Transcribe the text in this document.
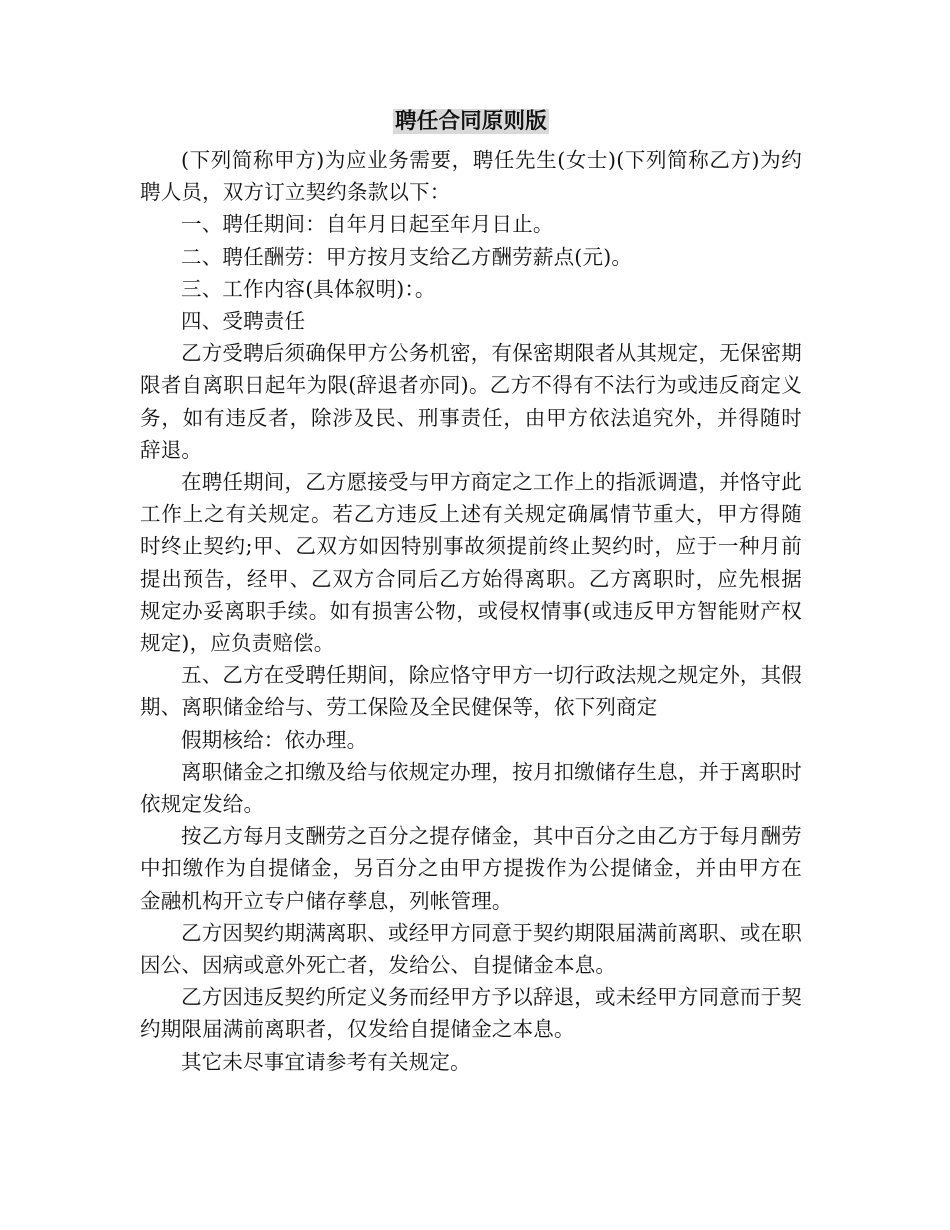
聘任合同原则版

(下列简称甲方)为应业务需要，聘任先生(女士)(下列简称乙方)为约聘人员，双方订立契约条款以下：

一、聘任期间：自年月日起至年月日止。

二、聘任酬劳：甲方按月支给乙方酬劳薪点(元)。

三、工作内容(具体叙明)：。

四、受聘责任

乙方受聘后须确保甲方公务机密，有保密期限者从其规定，无保密期限者自离职日起年为限(辞退者亦同)。乙方不得有不法行为或违反商定义务，如有违反者，除涉及民、刑事责任，由甲方依法追究外，并得随时辞退。

在聘任期间，乙方愿接受与甲方商定之工作上的指派调遣，并恪守此工作上之有关规定。若乙方违反上述有关规定确属情节重大，甲方得随时终止契约;甲、乙双方如因特别事故须提前终止契约时，应于一种月前提出预告，经甲、乙双方合同后乙方始得离职。乙方离职时，应先根据规定办妥离职手续。如有损害公物，或侵权情事(或违反甲方智能财产权规定)，应负责赔偿。

五、乙方在受聘任期间，除应恪守甲方一切行政法规之规定外，其假期、离职储金给与、劳工保险及全民健保等，依下列商定

假期核给：依办理。

离职储金之扣缴及给与依规定办理，按月扣缴储存生息，并于离职时依规定发给。

按乙方每月支酬劳之百分之提存储金，其中百分之由乙方于每月酬劳中扣缴作为自提储金，另百分之由甲方提拨作为公提储金，并由甲方在金融机构开立专户储存孳息，列帐管理。

乙方因契约期满离职、或经甲方同意于契约期限届满前离职、或在职因公、因病或意外死亡者，发给公、自提储金本息。

乙方因违反契约所定义务而经甲方予以辞退，或未经甲方同意而于契约期限届满前离职者，仅发给自提储金之本息。

其它未尽事宜请参考有关规定。
